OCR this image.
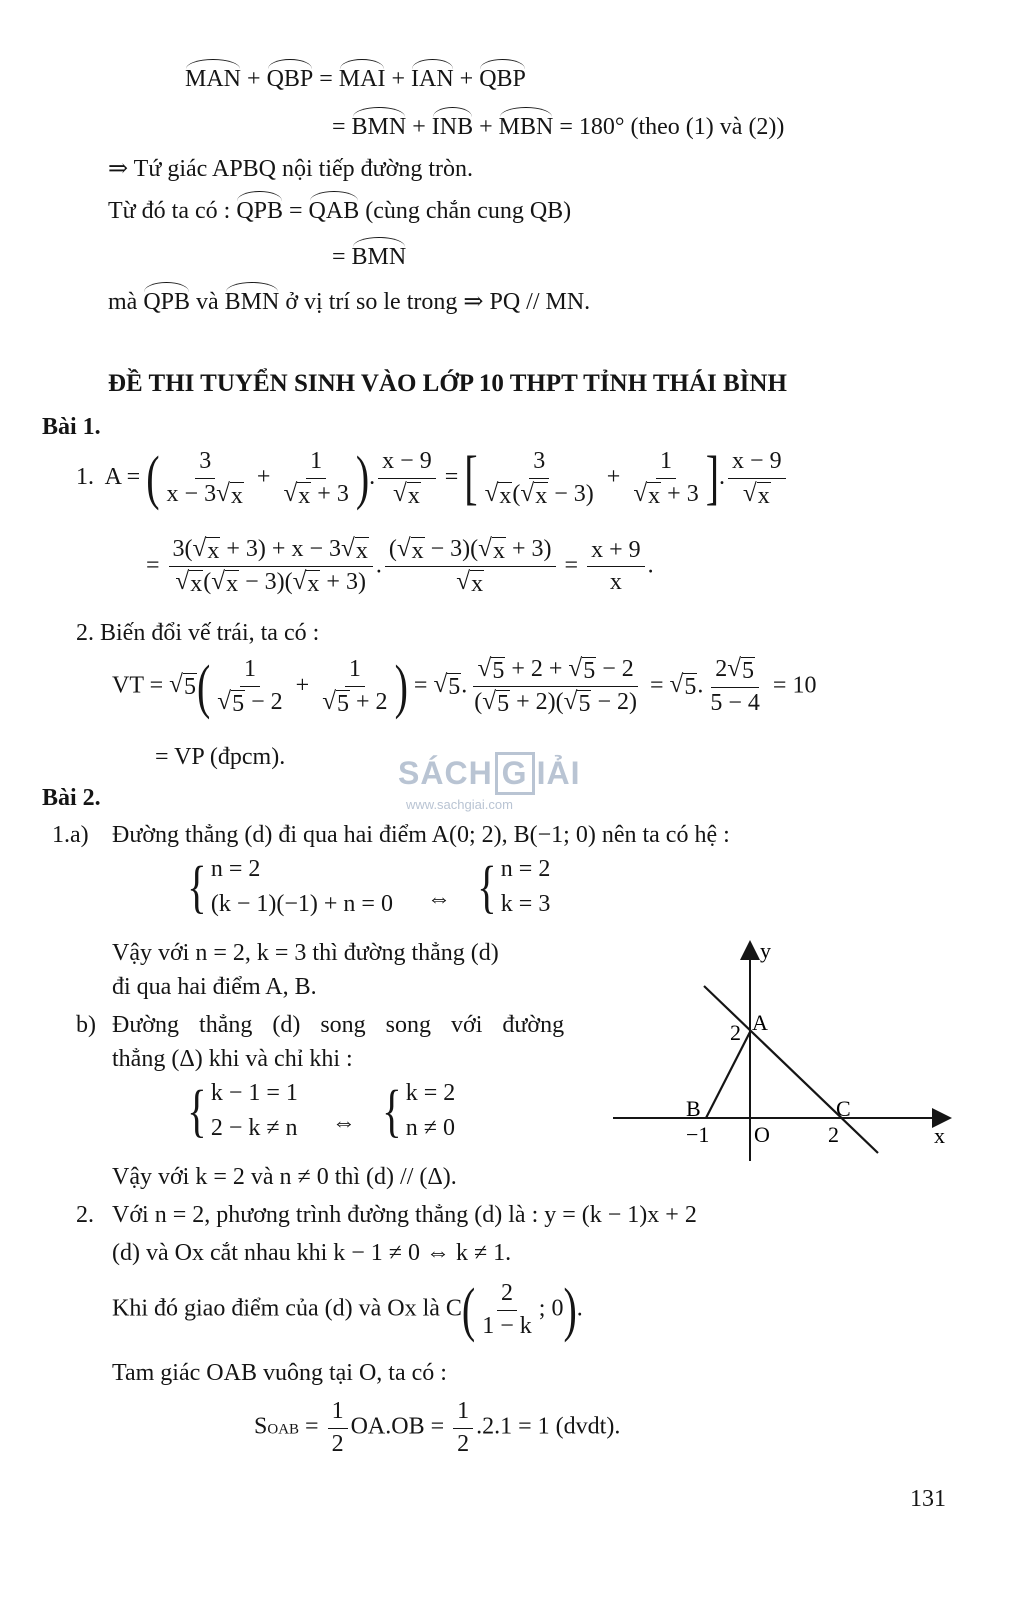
MAN + QBP = MAI + IAN + QBP
= BMN + INB + MBN = 180° (theo (1) và (2))
⇒ Tứ giác APBQ nội tiếp đường tròn.
Từ đó ta có : QPB = QAB (cùng chắn cung QB)
= BMN
mà QPB và BMN ở vị trí so le trong ⇒ PQ // MN.
ĐỀ THI TUYỂN SINH VÀO LỚP 10 THPT TỈNH THÁI BÌNH
Bài 1.
1.  A = ( $\frac{3}{x - 3 √ x} + \frac{1}{√ x + 3}$ ). $\frac{x - 9}{√ x}$ = [ $\frac{3}{√ x ( √ x - 3)} + \frac{1}{√ x + 3}$ ]. $\frac{x - 9}{√ x}$
= $\frac{3( √ x + 3) + x - 3 √ x}{√ x ( √ x - 3)( √ x + 3)}$ . $\frac{( √ x - 3)( √ x + 3)}{√ x} = \frac{x + 9}{x}$ .
2. Biến đổi vế trái, ta có :
VT = √ 5 ( $\frac{1}{√ 5 - 2} + \frac{1}{√ 5 + 2}$ ) = √ 5 . $\frac{√ 5 + 2 + √ 5 - 2}{( √ 5 + 2)( √ 5 - 2)}$ = √ 5 . $\frac{2 √ 5}{5 - 4} = 10$
= VP (đpcm).	SÁCH G IẢI
www.sachgiai.com
Bài 2.
1.a) Đường thẳng (d) đi qua hai điểm A(0; 2), B(−1; 0) nên ta có hệ :
{ n = 2
(k − 1)(−1) + n = 0 ⇔ { n = 2
k = 3
Vậy với n = 2, k = 3 thì đường thẳng (d)
đi qua hai điểm A, B.
b) Đường thẳng (d) song song với đường
thẳng (Δ) khi và chỉ khi :
{ k − 1 = 1
2 − k ≠ n ⇔ { k = 2
n ≠ 0
Vậy với k = 2 và n ≠ 0 thì (d) // (Δ).
2. Với n = 2, phương trình đường thẳng (d) là : y = (k − 1)x + 2
(d) và Ox cắt nhau khi k − 1 ≠ 0 ⇔ k ≠ 1.
Khi đó giao điểm của (d) và Ox là $C( \frac{2}{1 - k}$ ; 0).
Tam giác OAB vuông tại O, ta có :
SOAB = $\frac{1}{2} OA.OB = \frac{1}{2} .2.1 = 1$ (dvdt).
y
x
A
2
B
−1 O
C
2
131
